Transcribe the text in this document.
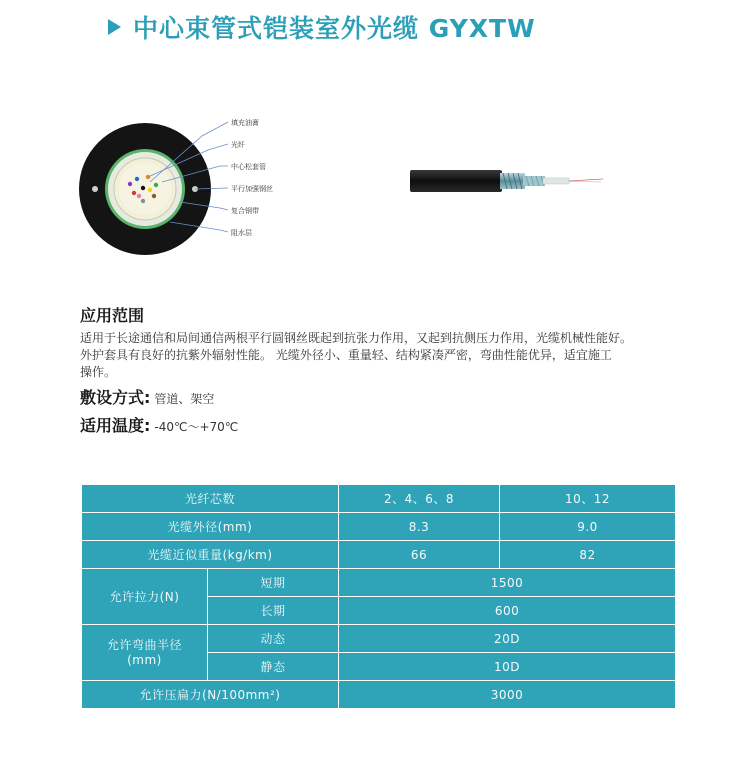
中心束管式铠装室外光缆 GYXTW
填充油膏
光纤
中心松套管
平行加强钢丝
复合钢带
阻水层
应用范围

适用于长途通信和局间通信两根平行圆钢丝既起到抗张力作用，又起到抗侧压力作用，光缆机械性能好。

外护套具有良好的抗紫外辐射性能。 光缆外径小、重量轻、结构紧凑严密，弯曲性能优异，适宜施工

操作。

敷设方式: 管道、架空
适用温度: -40℃～+70℃
光纤芯数		2、4、6、8	10、12
光缆外径(mm)		8.3	9.0
光缆近似重量(kg/km)		66	82
允许拉力(N)	短期	1500	
	长期	600	
允许弯曲半径
(mm)	动态	20D	
	静态	10D	
允许压扁力(N/100mm²)		3000	
